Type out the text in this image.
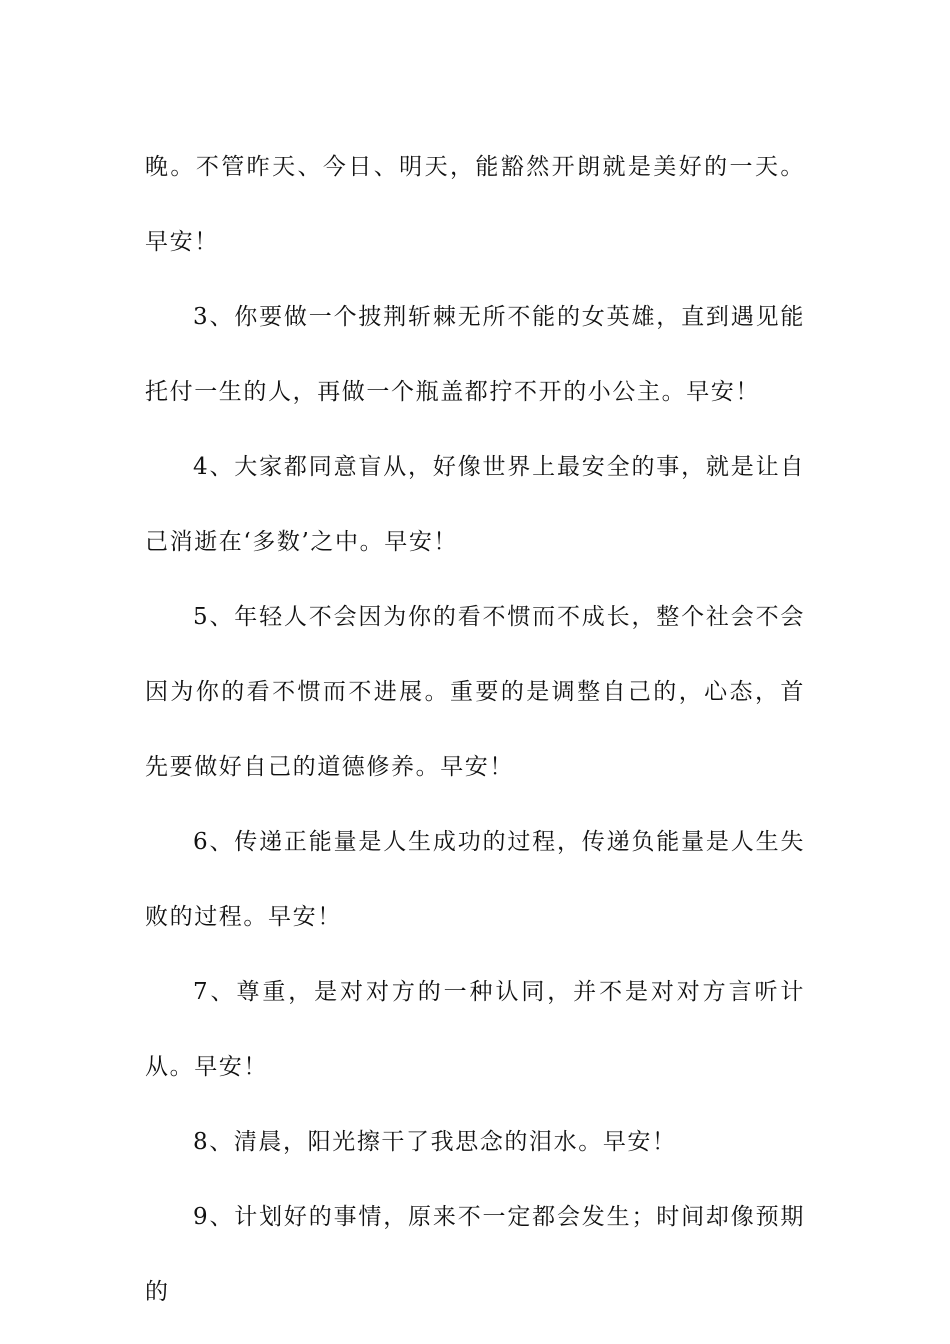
晚。不管昨天、今日、明天，能豁然开朗就是美好的一天。早安！

3、你要做一个披荆斩棘无所不能的女英雄，直到遇见能托付一生的人，再做一个瓶盖都拧不开的小公主。早安！

4、大家都同意盲从，好像世界上最安全的事，就是让自己消逝在‘多数’之中。早安！

5、年轻人不会因为你的看不惯而不成长，整个社会不会因为你的看不惯而不进展。重要的是调整自己的，心态，首先要做好自己的道德修养。早安！

6、传递正能量是人生成功的过程，传递负能量是人生失败的过程。早安！

7、尊重，是对对方的一种认同，并不是对对方言听计从。早安！

8、清晨，阳光擦干了我思念的泪水。早安！

9、计划好的事情，原来不一定都会发生；时间却像预期的
